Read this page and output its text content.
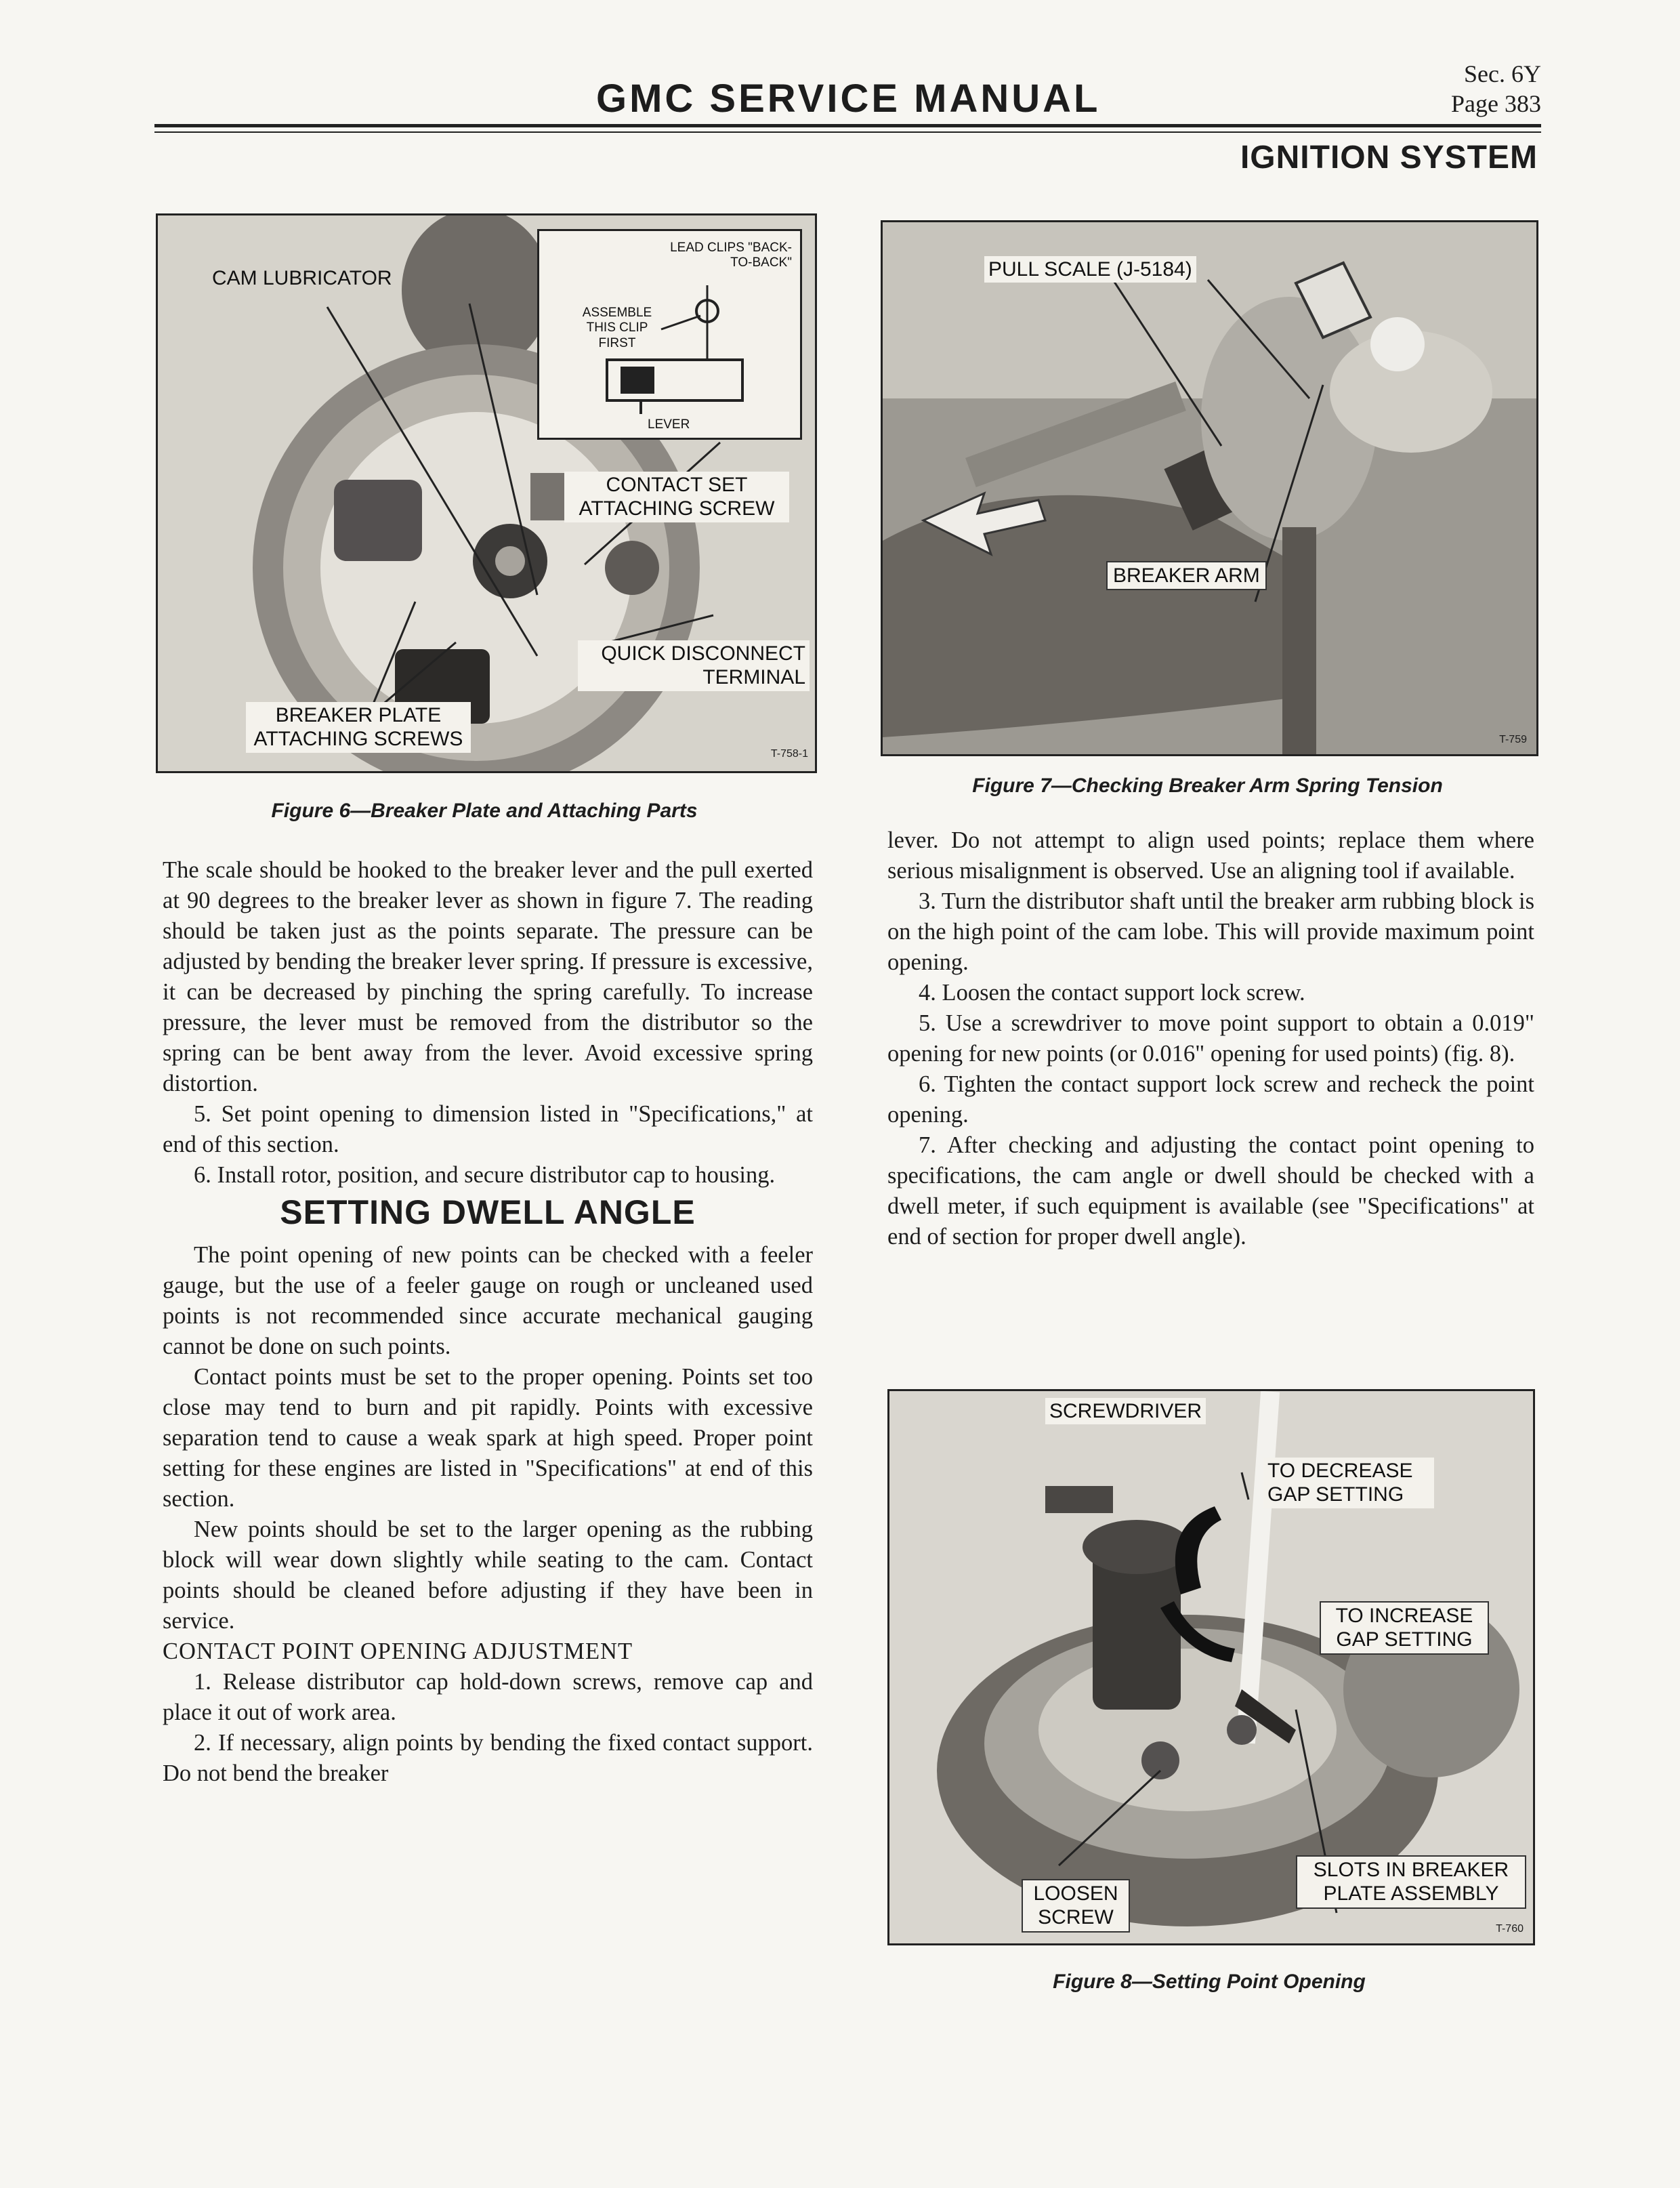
GMC SERVICE MANUAL
Sec. 6Y
Page 383
IGNITION SYSTEM
LEAD CLIPS "BACK-TO-BACK"
ASSEMBLE THIS CLIP FIRST
LEVER
CAM LUBRICATOR
CONTACT SET ATTACHING SCREW
QUICK DISCONNECT TERMINAL
BREAKER PLATE ATTACHING SCREWS
T-758-1
Figure 6—Breaker Plate and Attaching Parts
PULL SCALE (J-5184)
BREAKER ARM
T-759
Figure 7—Checking Breaker Arm Spring Tension
SCREWDRIVER
TO DECREASE GAP SETTING
TO INCREASE GAP SETTING
SLOTS IN BREAKER PLATE ASSEMBLY
LOOSEN SCREW
T-760
Figure 8—Setting Point Opening

The scale should be hooked to the breaker lever and the pull exerted at 90 degrees to the breaker lever as shown in figure 7. The reading should be taken just as the points separate. The pressure can be adjusted by bending the breaker lever spring. If pressure is excessive, it can be decreased by pinching the spring carefully. To increase pressure, the lever must be removed from the distributor so the spring can be bent away from the lever. Avoid excessive spring distortion.

5. Set point opening to dimension listed in "Specifications," at end of this section.

6. Install rotor, position, and secure distributor cap to housing.

SETTING DWELL ANGLE

The point opening of new points can be checked with a feeler gauge, but the use of a feeler gauge on rough or uncleaned used points is not recommended since accurate mechanical gauging cannot be done on such points.

Contact points must be set to the proper opening. Points set too close may tend to burn and pit rapidly. Points with excessive separation tend to cause a weak spark at high speed. Proper point setting for these engines are listed in "Specifications" at end of this section.

New points should be set to the larger opening as the rubbing block will wear down slightly while seating to the cam. Contact points should be cleaned before adjusting if they have been in service.

CONTACT POINT OPENING ADJUSTMENT

1. Release distributor cap hold-down screws, remove cap and place it out of work area.

2. If necessary, align points by bending the fixed contact support. Do not bend the breaker

lever. Do not attempt to align used points; replace them where serious misalignment is observed. Use an aligning tool if available.

3. Turn the distributor shaft until the breaker arm rubbing block is on the high point of the cam lobe. This will provide maximum point opening.

4. Loosen the contact support lock screw.

5. Use a screwdriver to move point support to obtain a 0.019" opening for new points (or 0.016" opening for used points) (fig. 8).

6. Tighten the contact support lock screw and recheck the point opening.

7. After checking and adjusting the contact point opening to specifications, the cam angle or dwell should be checked with a dwell meter, if such equipment is available (see "Specifications" at end of section for proper dwell angle).
